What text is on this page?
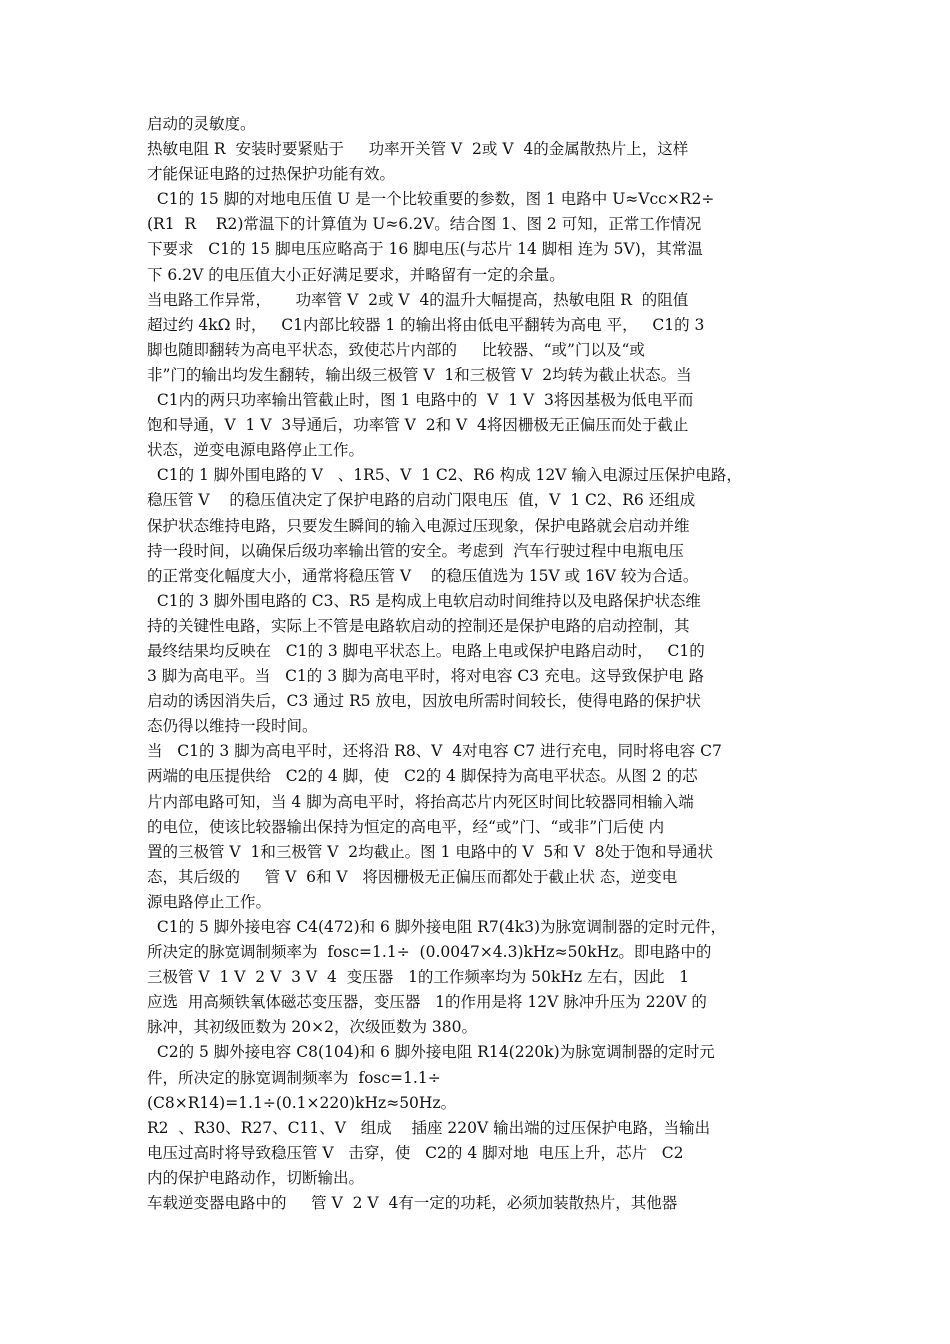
启动的灵敏度。
热敏电阻 R  安装时要紧贴于     功率开关管 V  2或 V  4的金属散热片上，这样
才能保证电路的过热保护功能有效。
C1的 15 脚的对地电压值 U 是一个比较重要的参数，图 1 电路中 U≈Vcc×R2÷
(R1  R    R2)常温下的计算值为 U≈6.2V。结合图 1、图 2 可知，正常工作情况
下要求   C1的 15 脚电压应略高于 16 脚电压(与芯片 14 脚相 连为 5V)，其常温
下 6.2V 的电压值大小正好满足要求，并略留有一定的余量。
当电路工作异常，     功率管 V  2或 V  4的温升大幅提高，热敏电阻 R  的阻值
超过约 4kΩ 时，   C1内部比较器 1 的输出将由低电平翻转为高电 平，   C1的 3
脚也随即翻转为高电平状态，致使芯片内部的     比较器、“或”门以及“或
非”门的输出均发生翻转，输出级三极管 V  1和三极管 V  2均转为截止状态。当
C1内的两只功率输出管截止时，图 1 电路中的  V  1 V  3将因基极为低电平而
饱和导通，V  1 V  3导通后，功率管 V  2和 V  4将因栅极无正偏压而处于截止
状态，逆变电源电路停止工作。
C1的 1 脚外围电路的 V   、1R5、V  1 C2、R6 构成 12V 输入电源过压保护电路，
稳压管 V    的稳压值决定了保护电路的启动门限电压  值，V  1 C2、R6 还组成
保护状态维持电路，只要发生瞬间的输入电源过压现象，保护电路就会启动并维
持一段时间，以确保后级功率输出管的安全。考虑到  汽车行驶过程中电瓶电压
的正常变化幅度大小，通常将稳压管 V    的稳压值选为 15V 或 16V 较为合适。
C1的 3 脚外围电路的 C3、R5 是构成上电软启动时间维持以及电路保护状态维
持的关键性电路，实际上不管是电路软启动的控制还是保护电路的启动控制，其
最终结果均反映在   C1的 3 脚电平状态上。电路上电或保护电路启动时，   C1的
3 脚为高电平。当   C1的 3 脚为高电平时，将对电容 C3 充电。这导致保护电 路
启动的诱因消失后，C3 通过 R5 放电，因放电所需时间较长，使得电路的保护状
态仍得以维持一段时间。
当   C1的 3 脚为高电平时，还将沿 R8、V  4对电容 C7 进行充电，同时将电容 C7
两端的电压提供给   C2的 4 脚，使   C2的 4 脚保持为高电平状态。从图 2 的芯
片内部电路可知，当 4 脚为高电平时，将抬高芯片内死区时间比较器同相输入端
的电位，使该比较器输出保持为恒定的高电平，经“或”门、“或非”门后使 内
置的三极管 V  1和三极管 V  2均截止。图 1 电路中的 V  5和 V  8处于饱和导通状
态，其后级的     管 V  6和 V   将因栅极无正偏压而都处于截止状 态，逆变电
源电路停止工作。
C1的 5 脚外接电容 C4(472)和 6 脚外接电阻 R7(4k3)为脉宽调制器的定时元件，
所决定的脉宽调制频率为  fosc=1.1÷  (0.0047×4.3)kHz≈50kHz。即电路中的
三极管 V  1 V  2 V  3 V  4  变压器   1的工作频率均为 50kHz 左右，因此   1
应选  用高频铁氧体磁芯变压器，变压器   1的作用是将 12V 脉冲升压为 220V 的
脉冲，其初级匝数为 20×2，次级匝数为 380。
C2的 5 脚外接电容 C8(104)和 6 脚外接电阻 R14(220k)为脉宽调制器的定时元
件，所决定的脉宽调制频率为  fosc=1.1÷
(C8×R14)=1.1÷(0.1×220)kHz≈50Hz。
R2  、R30、R27、C11、V   组成    插座 220V 输出端的过压保护电路，当输出
电压过高时将导致稳压管 V   击穿，使   C2的 4 脚对地  电压上升，芯片   C2
内的保护电路动作，切断输出。
车载逆变器电路中的     管 V  2 V  4有一定的功耗，必须加装散热片，其他器
